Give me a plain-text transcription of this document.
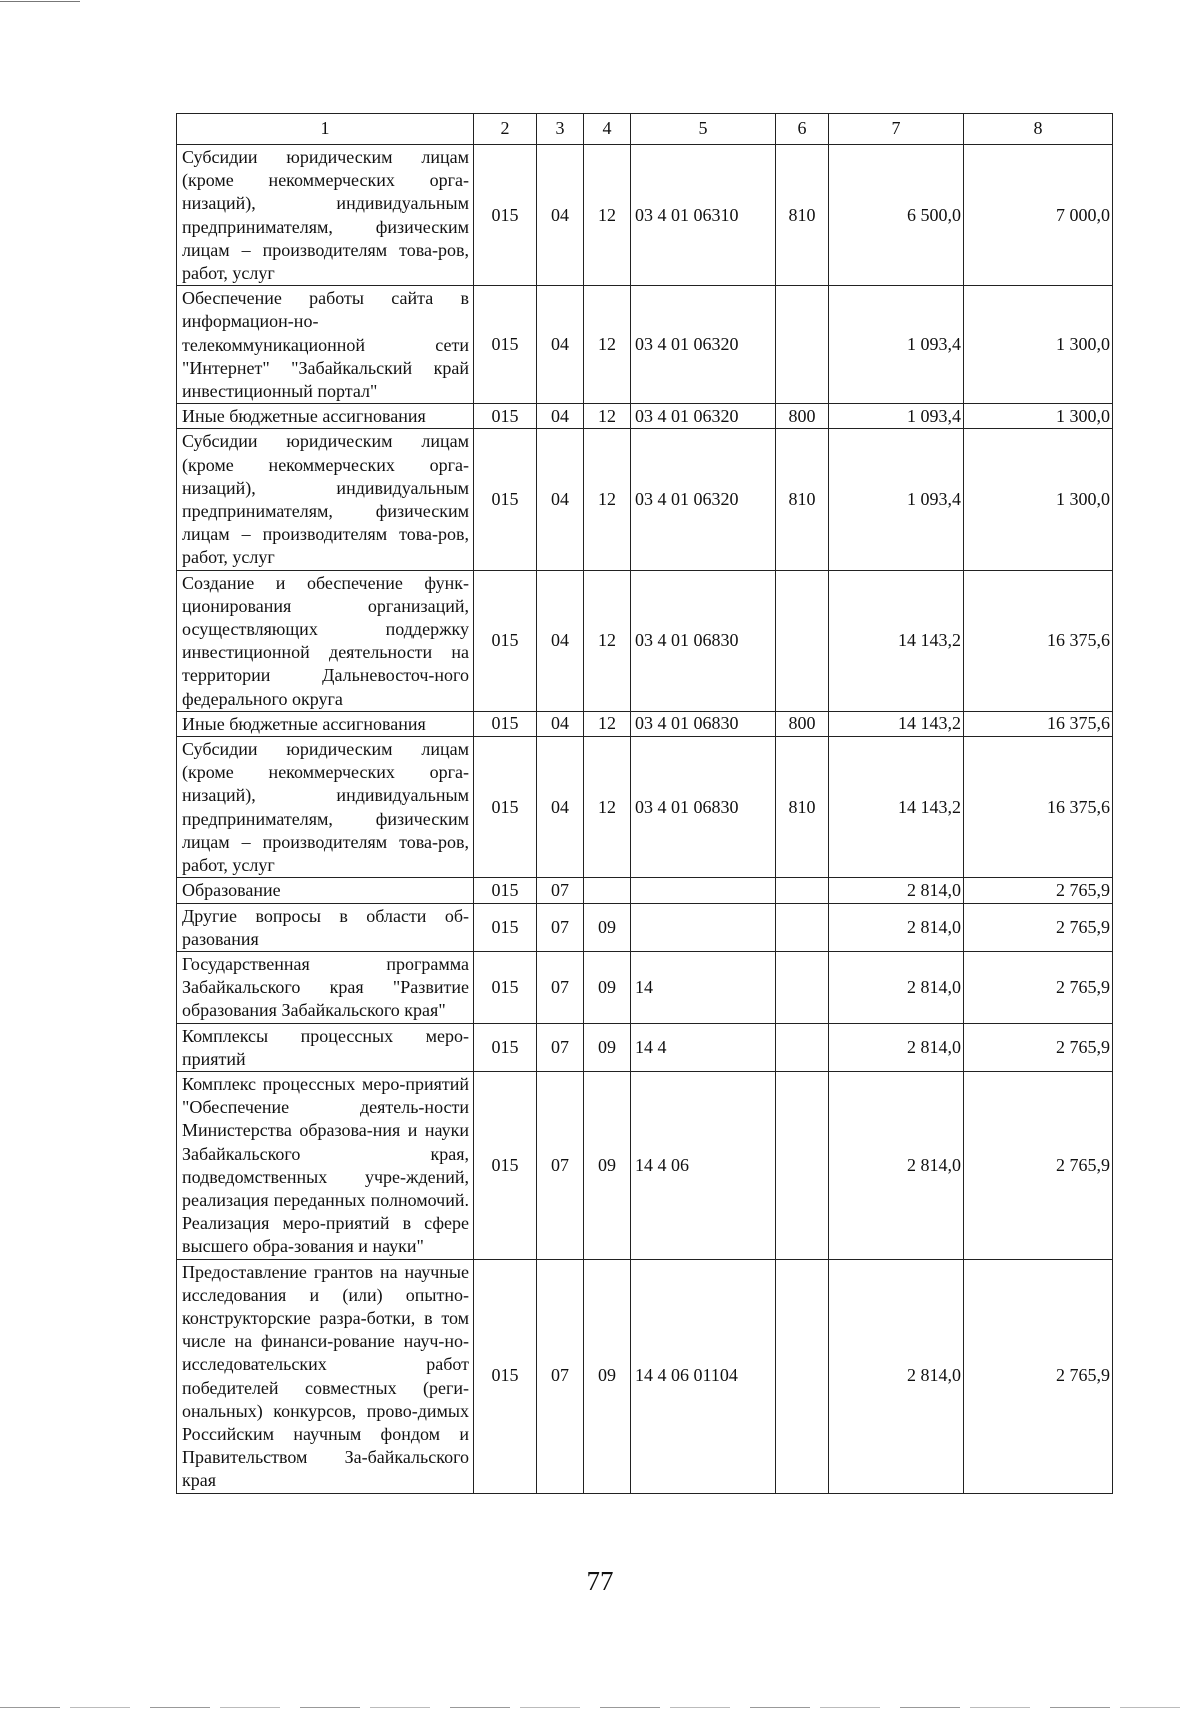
1	2	3	4	5	6	7	8
Субсидии юридическим лицам (кроме некоммерческих орга-низаций), индивидуальным предпринимателям, физическим лицам – производителям това-ров, работ, услуг	015	04	12	03 4 01 06310	810	6 500,0	7 000,0
Обеспечение работы сайта в информацион-но-телекоммуникационной сети "Интернет" "Забайкальский край инвестиционный портал"	015	04	12	03 4 01 06320		1 093,4	1 300,0
Иные бюджетные ассигнования	015	04	12	03 4 01 06320	800	1 093,4	1 300,0
Субсидии юридическим лицам (кроме некоммерческих орга-низаций), индивидуальным предпринимателям, физическим лицам – производителям това-ров, работ, услуг	015	04	12	03 4 01 06320	810	1 093,4	1 300,0
Создание и обеспечение функ-ционирования организаций, осуществляющих поддержку инвестиционной деятельности на территории Дальневосточ-ного федерального округа	015	04	12	03 4 01 06830		14 143,2	16 375,6
Иные бюджетные ассигнования	015	04	12	03 4 01 06830	800	14 143,2	16 375,6
Субсидии юридическим лицам (кроме некоммерческих орга-низаций), индивидуальным предпринимателям, физическим лицам – производителям това-ров, работ, услуг	015	04	12	03 4 01 06830	810	14 143,2	16 375,6
Образование	015	07				2 814,0	2 765,9
Другие вопросы в области об-разования	015	07	09			2 814,0	2 765,9
Государственная программа Забайкальского края "Развитие образования Забайкальского края"	015	07	09	14		2 814,0	2 765,9
Комплексы процессных меро-приятий	015	07	09	14 4		2 814,0	2 765,9
Комплекс процессных меро-приятий "Обеспечение деятель-ности Министерства образова-ния и науки Забайкальского края, подведомственных учре-ждений, реализация переданных полномочий. Реализация меро-приятий в сфере высшего обра-зования и науки"	015	07	09	14 4 06		2 814,0	2 765,9
Предоставление грантов на научные исследования и (или) опытно-конструкторские разра-ботки, в том числе на финанси-рование науч-но-исследовательских работ победителей совместных (реги-ональных) конкурсов, прово-димых Российским научным фондом и Правительством За-байкальского края	015	07	09	14 4 06 01104		2 814,0	2 765,9
77
